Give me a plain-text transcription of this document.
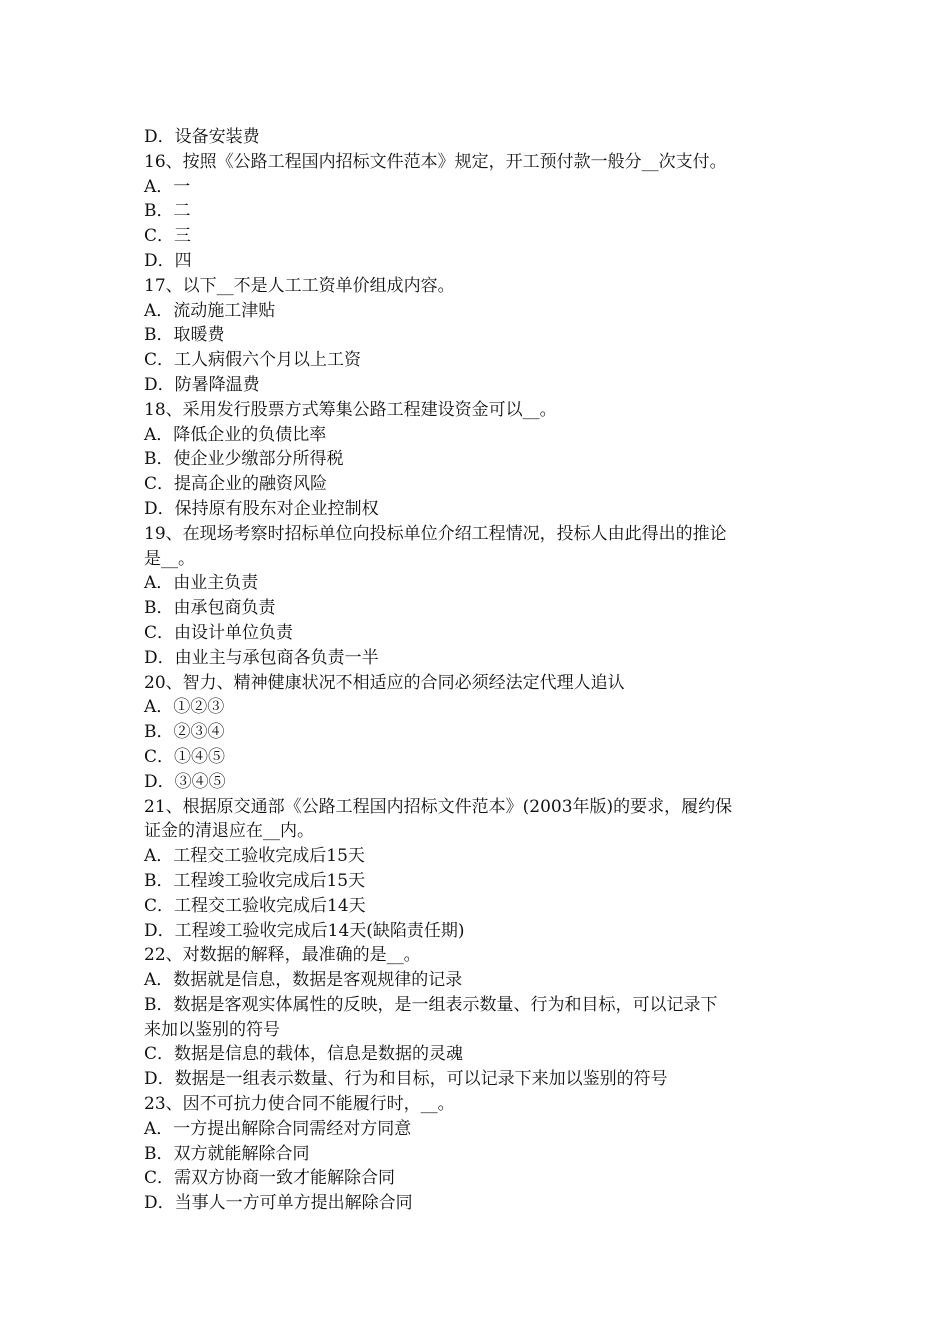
D．设备安装费
16、按照《公路工程国内招标文件范本》规定，开工预付款一般分__次支付。
A．一
B．二
C．三
D．四
17、以下__不是人工工资单价组成内容。
A．流动施工津贴
B．取暖费
C．工人病假六个月以上工资
D．防暑降温费
18、采用发行股票方式筹集公路工程建设资金可以__。
A．降低企业的负债比率
B．使企业少缴部分所得税
C．提高企业的融资风险
D．保持原有股东对企业控制权
19、在现场考察时招标单位向投标单位介绍工程情况，投标人由此得出的推论
是__。
A．由业主负责
B．由承包商负责
C．由设计单位负责
D．由业主与承包商各负责一半
20、智力、精神健康状况不相适应的合同必须经法定代理人追认
A．①②③
B．②③④
C．①④⑤
D．③④⑤
21、根据原交通部《公路工程国内招标文件范本》(2003年版)的要求，履约保
证金的清退应在__内。
A．工程交工验收完成后15天
B．工程竣工验收完成后15天
C．工程交工验收完成后14天
D．工程竣工验收完成后14天(缺陷责任期)
22、对数据的解释，最准确的是__。
A．数据就是信息，数据是客观规律的记录
B．数据是客观实体属性的反映，是一组表示数量、行为和目标，可以记录下
来加以鉴别的符号
C．数据是信息的载体，信息是数据的灵魂
D．数据是一组表示数量、行为和目标，可以记录下来加以鉴别的符号
23、因不可抗力使合同不能履行时，__。
A．一方提出解除合同需经对方同意
B．双方就能解除合同
C．需双方协商一致才能解除合同
D．当事人一方可单方提出解除合同
